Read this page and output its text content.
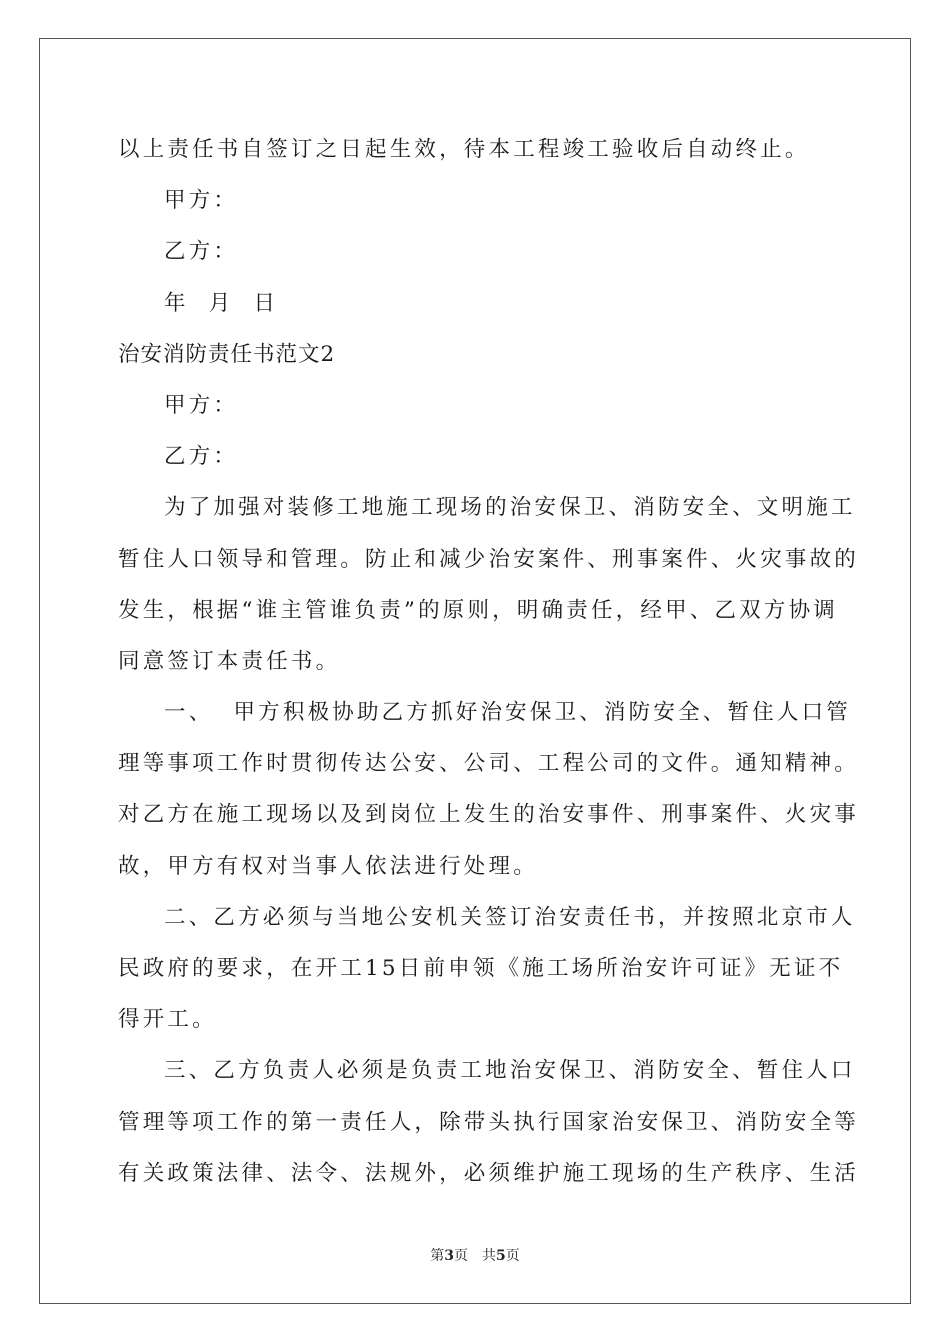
以上责任书自签订之日起生效，待本工程竣工验收后自动终止。
甲方：
乙方：
年  月  日
治安消防责任书范文2
甲方：
乙方：
为了加强对装修工地施工现场的治安保卫、消防安全、文明施工
暂住人口领导和管理。防止和减少治安案件、刑事案件、火灾事故的
发生，根据“谁主管谁负责”的原则，明确责任，经甲、乙双方协调
同意签订本责任书。
一、  甲方积极协助乙方抓好治安保卫、消防安全、暂住人口管
理等事项工作时贯彻传达公安、公司、工程公司的文件。通知精神。
对乙方在施工现场以及到岗位上发生的治安事件、刑事案件、火灾事
故，甲方有权对当事人依法进行处理。
二、乙方必须与当地公安机关签订治安责任书，并按照北京市人
民政府的要求，在开工15日前申领《施工场所治安许可证》无证不
得开工。
三、乙方负责人必须是负责工地治安保卫、消防安全、暂住人口
管理等项工作的第一责任人，除带头执行国家治安保卫、消防安全等
有关政策法律、法令、法规外，必须维护施工现场的生产秩序、生活
第3页 共5页
